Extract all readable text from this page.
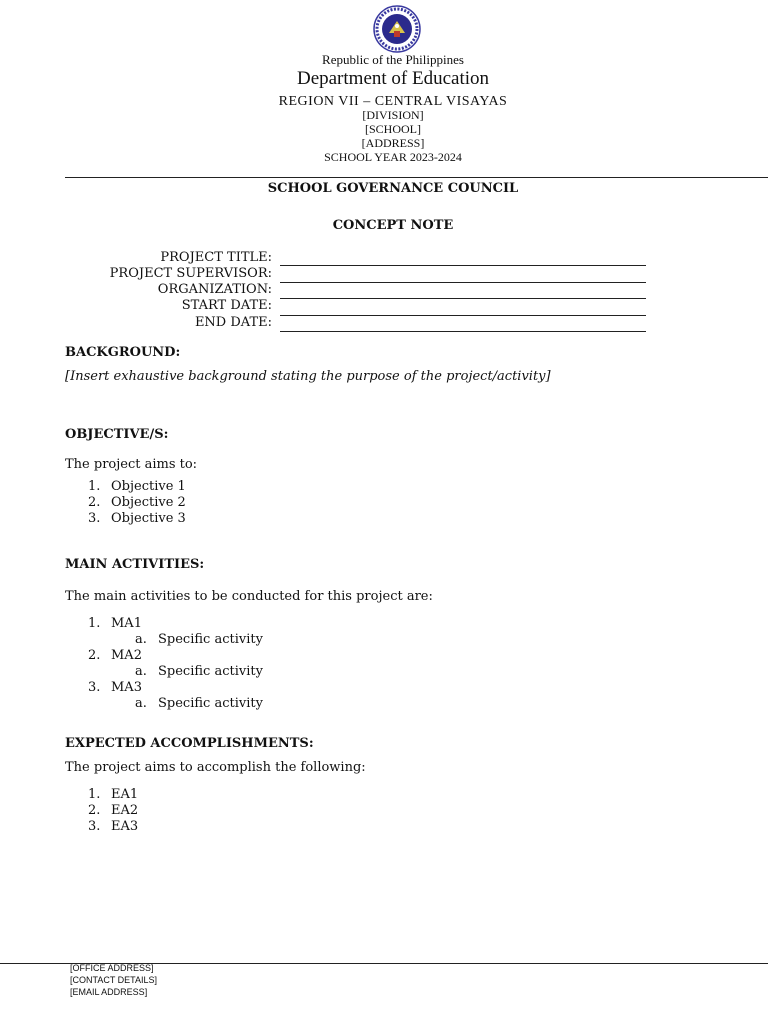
Republic of the Philippines
Department of Education
REGION VII – CENTRAL VISAYAS
[DIVISION]
[SCHOOL]
[ADDRESS]
SCHOOL YEAR 2023-2024
SCHOOL GOVERNANCE COUNCIL
CONCEPT NOTE
PROJECT TITLE:
PROJECT SUPERVISOR:
ORGANIZATION:
START DATE:
END DATE:
BACKGROUND:
[Insert exhaustive background stating the purpose of the project/activity]
OBJECTIVE/S:
The project aims to:
1. Objective 1
2. Objective 2
3. Objective 3
MAIN ACTIVITIES:
The main activities to be conducted for this project are:
1. MA1
a. Specific activity
2. MA2
a. Specific activity
3. MA3
a. Specific activity
EXPECTED ACCOMPLISHMENTS:
The project aims to accomplish the following:
1. EA1
2. EA2
3. EA3
[OFFICE ADDRESS]
[CONTACT DETAILS]
[EMAIL ADDRESS]
